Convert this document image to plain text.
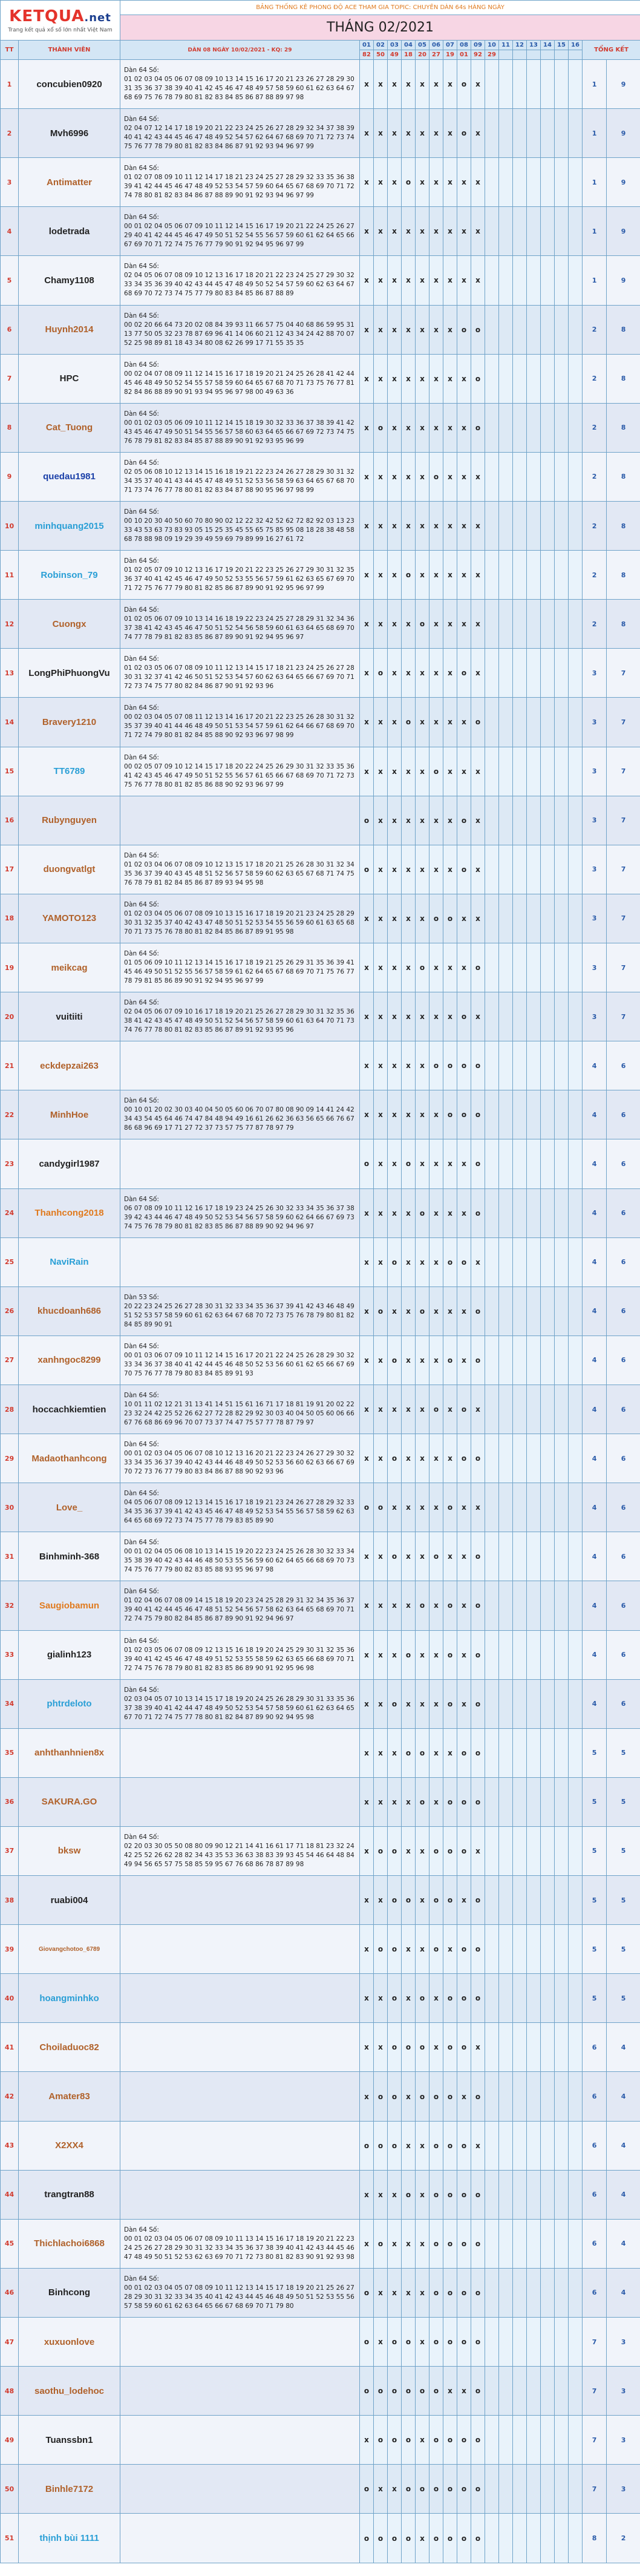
KETQUA.net
Trang kết quả xổ số lớn nhất Việt Nam		BẢNG THỐNG KÊ PHONG ĐỘ ACE THAM GIA TOPIC: CHUYÊN DÀN 64s HÀNG NGÀY																		
		THÁNG 02/2021																		

TT	THÀNH VIÊN	DÀN 08 NGÀY 10/02/2021 - KQ: 29	01	02	03	04	05	06	07	08	09	10	11	12	13	14	15	16	TỔNG KẾT	
			82	50	49	18	20	27	19	01	92	29								
1	concubien0920	Dàn 64 Số:
01 02 03 04 05 06 07 08 09 10 13 14 15 16 17 20 21 23 26 27 28 29 30 31 35 36 37 38 39 40 41 42 45 46 47 48 49 57 58 59 60 61 62 63 64 67 68 69 75 76 78 79 80 81 82 83 84 85 86 87 88 89 97 98	x	x	x	x	x	x	x	o	x								1	9
2	Mvh6996	Dàn 64 Số:
02 04 07 12 14 17 18 19 20 21 22 23 24 25 26 27 28 29 32 34 37 38 39 40 41 42 43 44 45 46 47 48 49 52 54 57 62 64 67 68 69 70 71 72 73 74 75 76 77 78 79 80 81 82 83 84 86 87 91 92 93 94 96 97 99	x	x	x	x	x	x	x	o	x								1	9
3	Antimatter	Dàn 64 Số:
01 02 07 08 09 10 11 12 14 17 18 21 23 24 25 27 28 29 32 33 35 36 38 39 41 42 44 45 46 47 48 49 52 53 54 57 59 60 64 65 67 68 69 70 71 72 74 78 80 81 82 83 84 86 87 88 89 90 91 92 93 94 96 97 99	x	x	x	o	x	x	x	x	x								1	9
4	lodetrada	Dàn 64 Số:
00 01 02 04 05 06 07 09 10 11 12 14 15 16 17 19 20 21 22 24 25 26 27 29 40 41 42 44 45 46 47 49 50 51 52 54 55 56 57 59 60 61 62 64 65 66 67 69 70 71 72 74 75 76 77 79 90 91 92 94 95 96 97 99	x	x	x	x	x	x	x	x	x								1	9
5	Chamy1108	Dàn 64 Số:
02 04 05 06 07 08 09 10 12 13 16 17 18 20 21 22 23 24 25 27 29 30 32 33 34 35 36 39 40 42 43 44 45 47 48 49 50 52 54 57 59 60 62 63 64 67 68 69 70 72 73 74 75 77 79 80 83 84 85 86 87 88 89	x	x	x	x	x	x	x	x	x								1	9
6	Huynh2014	Dàn 64 Số:
00 02 20 66 64 73 20 02 08 84 39 93 11 66 57 75 04 40 68 86 59 95 31 13 77 50 05 32 23 78 87 69 96 41 14 06 60 21 12 43 34 24 42 88 70 07 52 25 98 89 81 18 43 34 80 08 62 26 99 17 71 55 35 35	x	x	x	x	x	x	x	o	o								2	8
7	HPC	Dàn 64 Số:
00 02 04 07 08 09 11 12 14 15 16 17 18 19 20 21 24 25 26 28 41 42 44 45 46 48 49 50 52 54 55 57 58 59 60 64 65 67 68 70 71 73 75 76 77 81 82 84 86 88 89 90 91 93 94 95 96 97 98 00 49 63 36	x	x	x	x	x	x	x	x	o								2	8
8	Cat_Tuong	Dàn 64 Số:
00 01 02 03 05 06 09 10 11 12 14 15 18 19 30 32 33 36 37 38 39 41 42 43 45 46 47 49 50 51 54 55 56 57 58 60 63 64 65 66 67 69 72 73 74 75 76 78 79 81 82 83 84 85 87 88 89 90 91 92 93 95 96 99	x	o	x	x	x	x	x	x	o								2	8
9	quedau1981	Dàn 64 Số:
02 05 06 08 10 12 13 14 15 16 18 19 21 22 23 24 26 27 28 29 30 31 32 34 35 37 40 41 43 44 45 47 48 49 51 52 53 56 58 59 63 64 65 67 68 70 71 73 74 76 77 78 80 81 82 83 84 87 88 90 95 96 97 98 99	x	x	x	x	x	o	x	x	x								2	8
10	minhquang2015	Dàn 64 Số:
00 10 20 30 40 50 60 70 80 90 02 12 22 32 42 52 62 72 82 92 03 13 23 33 43 53 63 73 83 93 05 15 25 35 45 55 65 75 85 95 08 18 28 38 48 58 68 78 88 98 09 19 29 39 49 59 69 79 89 99 16 27 61 72	x	x	x	x	x	x	x	x	x								2	8
11	Robinson_79	Dàn 64 Số:
01 02 05 07 09 10 12 13 16 17 19 20 21 22 23 25 26 27 29 30 31 32 35 36 37 40 41 42 45 46 47 49 50 52 53 55 56 57 59 61 62 63 65 67 69 70 71 72 75 76 77 79 80 81 82 85 86 87 89 90 91 92 95 96 97 99	x	x	x	o	x	x	x	x	x								2	8
12	Cuongx	Dàn 64 Số:
01 02 05 06 07 09 10 13 14 16 18 19 22 23 24 25 27 28 29 31 32 34 36 37 38 41 42 43 45 46 47 50 51 52 54 56 58 59 60 61 63 64 65 68 69 70 74 77 78 79 81 82 83 85 86 87 89 90 91 92 94 95 96 97	x	x	x	x	o	x	x	x	x								2	8
13	LongPhiPhuongVu	Dàn 64 Số:
01 02 03 05 06 07 08 09 10 11 12 13 14 15 17 18 21 23 24 25 26 27 28 30 31 32 37 41 42 46 50 51 52 53 54 57 60 62 63 64 65 66 67 69 70 71 72 73 74 75 77 80 82 84 86 87 90 91 92 93 96	x	o	x	x	x	x	x	o	x								3	7
14	Bravery1210	Dàn 64 Số:
00 02 03 04 05 07 08 11 12 13 14 16 17 20 21 22 23 25 26 28 30 31 32 35 37 39 40 41 44 46 48 49 50 51 53 54 57 59 61 62 64 66 67 68 69 70 71 72 74 79 80 81 82 84 85 88 90 92 93 96 97 98 99	x	x	x	o	x	x	x	x	o								3	7
15	TT6789	Dàn 64 Số:
00 02 05 07 09 10 12 14 15 17 18 20 22 24 25 26 29 30 31 32 33 35 36 41 42 43 45 46 47 49 50 51 52 55 56 57 61 65 66 67 68 69 70 71 72 73 75 76 77 78 80 81 82 85 86 88 90 92 93 96 97 99	x	x	x	x	x	o	x	x	x								3	7
16	Rubynguyen		o	x	x	x	x	x	x	o	x								3	7
17	duongvatlgt	Dàn 64 Số:
01 02 03 04 06 07 08 09 10 12 13 15 17 18 20 21 25 26 28 30 31 32 34 35 36 37 39 40 43 45 48 51 52 56 57 58 59 60 62 63 65 67 68 71 74 75 76 78 79 81 82 84 85 86 87 89 93 94 95 98	o	x	x	x	x	x	x	o	x								3	7
18	YAMOTO123	Dàn 64 Số:
01 02 03 04 05 06 07 08 09 10 13 15 16 17 18 19 20 21 23 24 25 28 29 30 31 32 35 37 40 42 43 47 48 50 51 52 53 54 55 56 59 60 61 63 65 68 70 71 73 75 76 78 80 81 82 84 85 86 87 89 91 95 98	x	x	x	x	x	o	o	x	x								3	7
19	meikcag	Dàn 64 Số:
01 05 06 09 10 11 12 13 14 15 16 17 18 19 21 25 26 29 31 35 36 39 41 45 46 49 50 51 52 55 56 57 58 59 61 62 64 65 67 68 69 70 71 75 76 77 78 79 81 85 86 89 90 91 92 94 95 96 97 99	x	x	x	x	o	x	x	x	o								3	7
20	vuitiiti	Dàn 64 Số:
02 04 05 06 07 09 10 16 17 18 19 20 21 25 26 27 28 29 30 31 32 35 36 38 41 42 43 45 47 48 49 50 51 52 54 56 57 58 59 60 61 63 64 70 71 73 74 76 77 78 80 81 82 83 85 86 87 89 91 92 93 95 96	x	x	x	x	x	x	x	o	x								3	7
21	eckdepzai263		x	x	x	x	x	o	o	o	o								4	6
22	MinhHoe	Dàn 64 Số:
00 10 01 20 02 30 03 40 04 50 05 60 06 70 07 80 08 90 09 14 41 24 42 34 43 54 45 64 46 74 47 84 48 94 49 16 61 26 62 36 63 56 65 66 76 67 86 68 96 69 17 71 27 72 37 73 57 75 77 87 78 97 79	x	x	x	x	x	x	o	o	o								4	6
23	candygirl1987		o	x	x	o	x	x	x	x	o								4	6
24	Thanhcong2018	Dàn 64 Số:
06 07 08 09 10 11 12 16 17 18 19 23 24 25 26 30 32 33 34 35 36 37 38 39 42 43 44 46 47 48 49 50 52 53 54 56 57 58 59 60 62 64 66 67 69 73 74 75 76 78 79 80 81 82 83 85 86 87 88 89 90 92 94 96 97	x	x	x	x	o	x	x	x	o								4	6
25	NaviRain		x	x	o	x	x	x	o	o	x								4	6
26	khucdoanh686	Dàn 53 Số:
20 22 23 24 25 26 27 28 30 31 32 33 34 35 36 37 39 41 42 43 46 48 49 51 52 53 57 58 59 60 61 62 63 64 67 68 70 72 73 75 76 78 79 80 81 82 84 85 89 90 91	x	o	x	x	o	x	x	x	o								4	6
27	xanhngoc8299	Dàn 64 Số:
00 01 03 06 07 09 10 11 12 14 15 16 17 20 21 22 24 25 26 28 29 30 32 33 34 36 37 38 40 41 42 44 45 46 48 50 52 53 56 60 61 62 65 66 67 69 70 75 76 77 78 79 80 83 84 85 89 91 93	x	x	o	x	x	x	o	x	o								4	6
28	hoccachkiemtien	Dàn 64 Số:
10 01 11 02 12 21 31 13 41 14 51 15 61 16 71 17 18 81 19 91 20 02 22 23 32 24 42 25 52 26 62 27 72 28 82 29 92 30 03 40 04 50 05 60 06 66 67 76 68 86 69 96 70 07 73 37 74 47 75 57 77 78 87 79 97	x	x	x	x	x	o	x	o	x								4	6
29	Madaothanhcong	Dàn 64 Số:
00 01 02 03 04 05 06 07 08 10 12 13 16 20 21 22 23 24 26 27 29 30 32 33 34 35 36 37 39 40 42 43 44 46 48 49 50 52 53 56 60 62 63 66 67 69 70 72 73 76 77 79 80 83 84 86 87 88 90 92 93 96	x	x	o	x	x	x	x	o	o								4	6
30	Love_	Dàn 64 Số:
04 05 06 07 08 09 12 13 14 15 16 17 18 19 21 23 24 26 27 28 29 32 33 34 35 36 37 39 41 42 43 45 46 47 48 49 52 53 54 55 56 57 58 59 62 63 64 65 68 69 72 73 74 75 77 78 79 83 85 89 90	o	o	x	x	x	x	o	x	x								4	6
31	Binhminh-368	Dàn 64 Số:
00 01 02 04 05 06 08 10 13 14 15 19 20 22 23 24 25 26 28 30 32 33 34 35 38 39 40 42 43 44 46 48 50 53 55 56 59 60 62 64 65 66 68 69 70 73 74 75 76 77 79 80 82 83 85 88 93 95 96 97 98	x	x	o	x	x	o	x	x	o								4	6
32	Saugiobamun	Dàn 64 Số:
01 02 04 06 07 08 09 14 15 18 19 20 23 24 25 28 29 31 32 34 35 36 37 39 40 41 42 44 45 46 47 48 51 52 54 56 57 58 62 63 64 65 68 69 70 71 72 74 75 79 80 82 84 85 86 87 89 90 91 92 94 96 97	x	x	x	x	o	x	o	x	o								4	6
33	gialinh123	Dàn 64 Số:
01 02 03 05 06 07 08 09 12 13 15 16 18 19 20 24 25 29 30 31 32 35 36 39 40 41 42 45 46 47 48 49 51 52 53 55 58 59 62 63 65 66 68 69 70 71 72 74 75 76 78 79 80 81 82 83 85 86 89 90 91 92 95 96 98	x	x	x	o	x	x	o	x	o								4	6
34	phtrdeloto	Dàn 64 Số:
02 03 04 05 07 10 13 14 15 17 18 19 20 24 25 26 28 29 30 31 33 35 36 37 38 39 40 41 42 44 47 48 49 50 52 53 54 57 58 59 60 61 62 63 64 65 67 70 71 72 74 75 77 78 80 81 82 84 87 89 90 92 94 95 98	x	x	o	x	x	x	o	x	o								4	6
35	anhthanhnien8x		x	x	x	o	o	x	x	o	o								5	5
36	SAKURA.GO		x	x	x	x	o	x	o	o	o								5	5
37	bksw	Dàn 64 Số:
02 20 03 30 05 50 08 80 09 90 12 21 14 41 16 61 17 71 18 81 23 32 24 42 25 52 26 62 28 82 34 43 35 53 36 63 38 83 39 93 45 54 46 64 48 84 49 94 56 65 57 75 58 85 59 95 67 76 68 86 78 87 89 98	x	o	o	x	x	o	o	o	x								5	5
38	ruabi004		x	x	o	o	x	o	o	x	o								5	5
39	Giovangchotoo_6789		x	o	o	x	x	o	x	o	o								5	5
40	hoangminhko		x	x	o	x	o	x	o	o	o								5	5
41	Choiladuoc82		x	x	o	o	o	x	o	o	x								6	4
42	Amater83		x	o	o	x	o	o	o	x	o								6	4
43	X2XX4		o	o	o	x	x	o	o	o	x								6	4
44	trangtran88		x	x	x	o	x	o	o	o	o								6	4
45	Thichlachoi6868	Dàn 64 Số:
00 01 02 03 04 05 06 07 08 09 10 11 13 14 15 16 17 18 19 20 21 22 23 24 25 26 27 28 29 30 31 32 33 34 35 36 37 38 39 40 41 42 43 44 45 46 47 48 49 50 51 52 53 62 63 69 70 71 72 73 80 81 82 83 90 91 92 93 98	x	o	x	x	x	o	o	o	o								6	4
46	Binhcong	Dàn 64 Số:
00 01 02 03 04 05 07 08 09 10 11 12 13 14 15 17 18 19 20 21 25 26 27 28 29 30 31 32 33 34 35 40 41 42 43 44 45 46 48 49 50 51 52 53 55 56 57 58 59 60 61 62 63 64 65 66 67 68 69 70 71 79 80	o	x	x	x	x	o	o	o	o								6	4
47	xuxuonlove		o	x	o	o	x	o	o	o	o								7	3
48	saothu_lodehoc		o	o	o	o	o	o	x	x	o								7	3
49	Tuanssbn1		x	o	o	o	x	o	o	o	o								7	3
50	Binhle7172		o	x	x	o	o	o	o	o	o								7	3
51	thịnh bùi 1111		o	o	o	o	x	o	o	o	o								8	2
